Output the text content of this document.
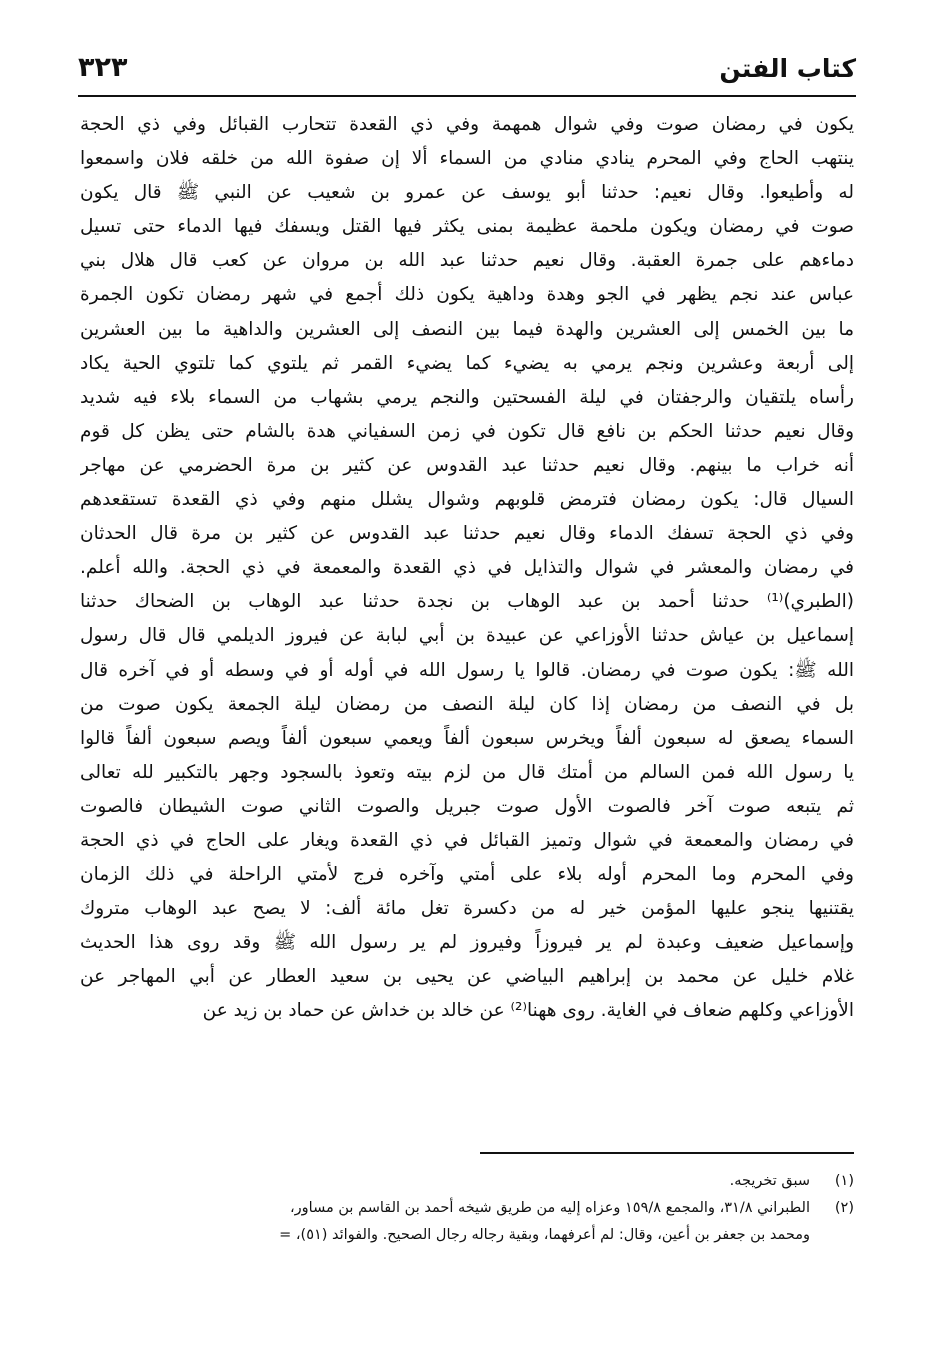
كتاب الفتن
٣٢٣
يكون في رمضان صوت وفي شوال همهمة وفي ذي القعدة تتحارب القبائل وفي ذي الحجة
ينتهب الحاج وفي المحرم ينادي منادي من السماء ألا إن صفوة الله من خلقه فلان واسمعوا
له وأطيعوا. وقال نعيم: حدثنا أبو يوسف عن عمرو بن شعيب عن النبي ﷺ قال يكون
صوت في رمضان ويكون ملحمة عظيمة بمنى يكثر فيها القتل ويسفك فيها الدماء حتى تسيل
دماءهم على جمرة العقبة. وقال نعيم حدثنا عبد الله بن مروان عن كعب قال هلال بني
عباس عند نجم يظهر في الجو وهدة وداهية يكون ذلك أجمع في شهر رمضان تكون الجمرة
ما بين الخمس إلى العشرين والهدة فيما بين النصف إلى العشرين والداهية ما بين العشرين
إلى أربعة وعشرين ونجم يرمي به يضيء كما يضيء القمر ثم يلتوي كما تلتوي الحية يكاد
رأساه يلتقيان والرجفتان في ليلة الفسحتين والنجم يرمي بشهاب من السماء بلاء فيه شديد
وقال نعيم حدثنا الحكم بن نافع قال تكون في زمن السفياني هدة بالشام حتى يظن كل قوم
أنه خراب ما بينهم. وقال نعيم حدثنا عبد القدوس عن كثير بن مرة الحضرمي عن مهاجر
السيال قال: يكون رمضان فترمض قلوبهم وشوال يشلل منهم وفي ذي القعدة تستقعدهم
وفي ذي الحجة تسفك الدماء وقال نعيم حدثنا عبد القدوس عن كثير بن مرة قال الحدثان
في رمضان والمعشر في شوال والتذايل في ذي القعدة والمعمعة في ذي الحجة. والله أعلم.
(الطبري)⁽¹⁾ حدثنا أحمد بن عبد الوهاب بن نجدة حدثنا عبد الوهاب بن الضحاك حدثنا
إسماعيل بن عياش حدثنا الأوزاعي عن عبيدة بن أبي لبابة عن فيروز الديلمي قال قال رسول
الله ﷺ: يكون صوت في رمضان. قالوا يا رسول الله في أوله أو في وسطه أو في آخره قال
بل في النصف من رمضان إذا كان ليلة النصف من رمضان ليلة الجمعة يكون صوت من
السماء يصعق له سبعون ألفاً ويخرس سبعون ألفاً ويعمي سبعون ألفاً ويصم سبعون ألفاً قالوا
يا رسول الله فمن السالم من أمتك قال من لزم بيته وتعوذ بالسجود وجهر بالتكبير لله تعالى
ثم يتبعه صوت آخر فالصوت الأول صوت جبريل والصوت الثاني صوت الشيطان فالصوت
في رمضان والمعمعة في شوال وتميز القبائل في ذي القعدة ويغار على الحاج في ذي الحجة
وفي المحرم وما المحرم أوله بلاء على أمتي وآخره فرج لأمتي الراحلة في ذلك الزمان
يقتنيها ينجو عليها المؤمن خير له من دكسرة تغل مائة ألف: لا يصح عبد الوهاب متروك
وإسماعيل ضعيف وعبدة لم ير فيروزاً وفيروز لم ير رسول الله ﷺ وقد روى هذا الحديث
غلام خليل عن محمد بن إبراهيم البياضي عن يحيى بن سعيد العطار عن أبي المهاجر عن
الأوزاعي وكلهم ضعاف في الغاية. روى ههنا⁽²⁾ عن خالد بن خداش عن حماد بن زيد عن
(١)
سبق تخريجه.
(٢)
الطبراني ٣١/٨، والمجمع ١٥٩/٨ وعزاه إليه من طريق شيخه أحمد بن القاسم بن مساور،
ومحمد بن جعفر بن أعين، وقال: لم أعرفهما، وبقية رجاله رجال الصحيح. والفوائد (٥١)، =
